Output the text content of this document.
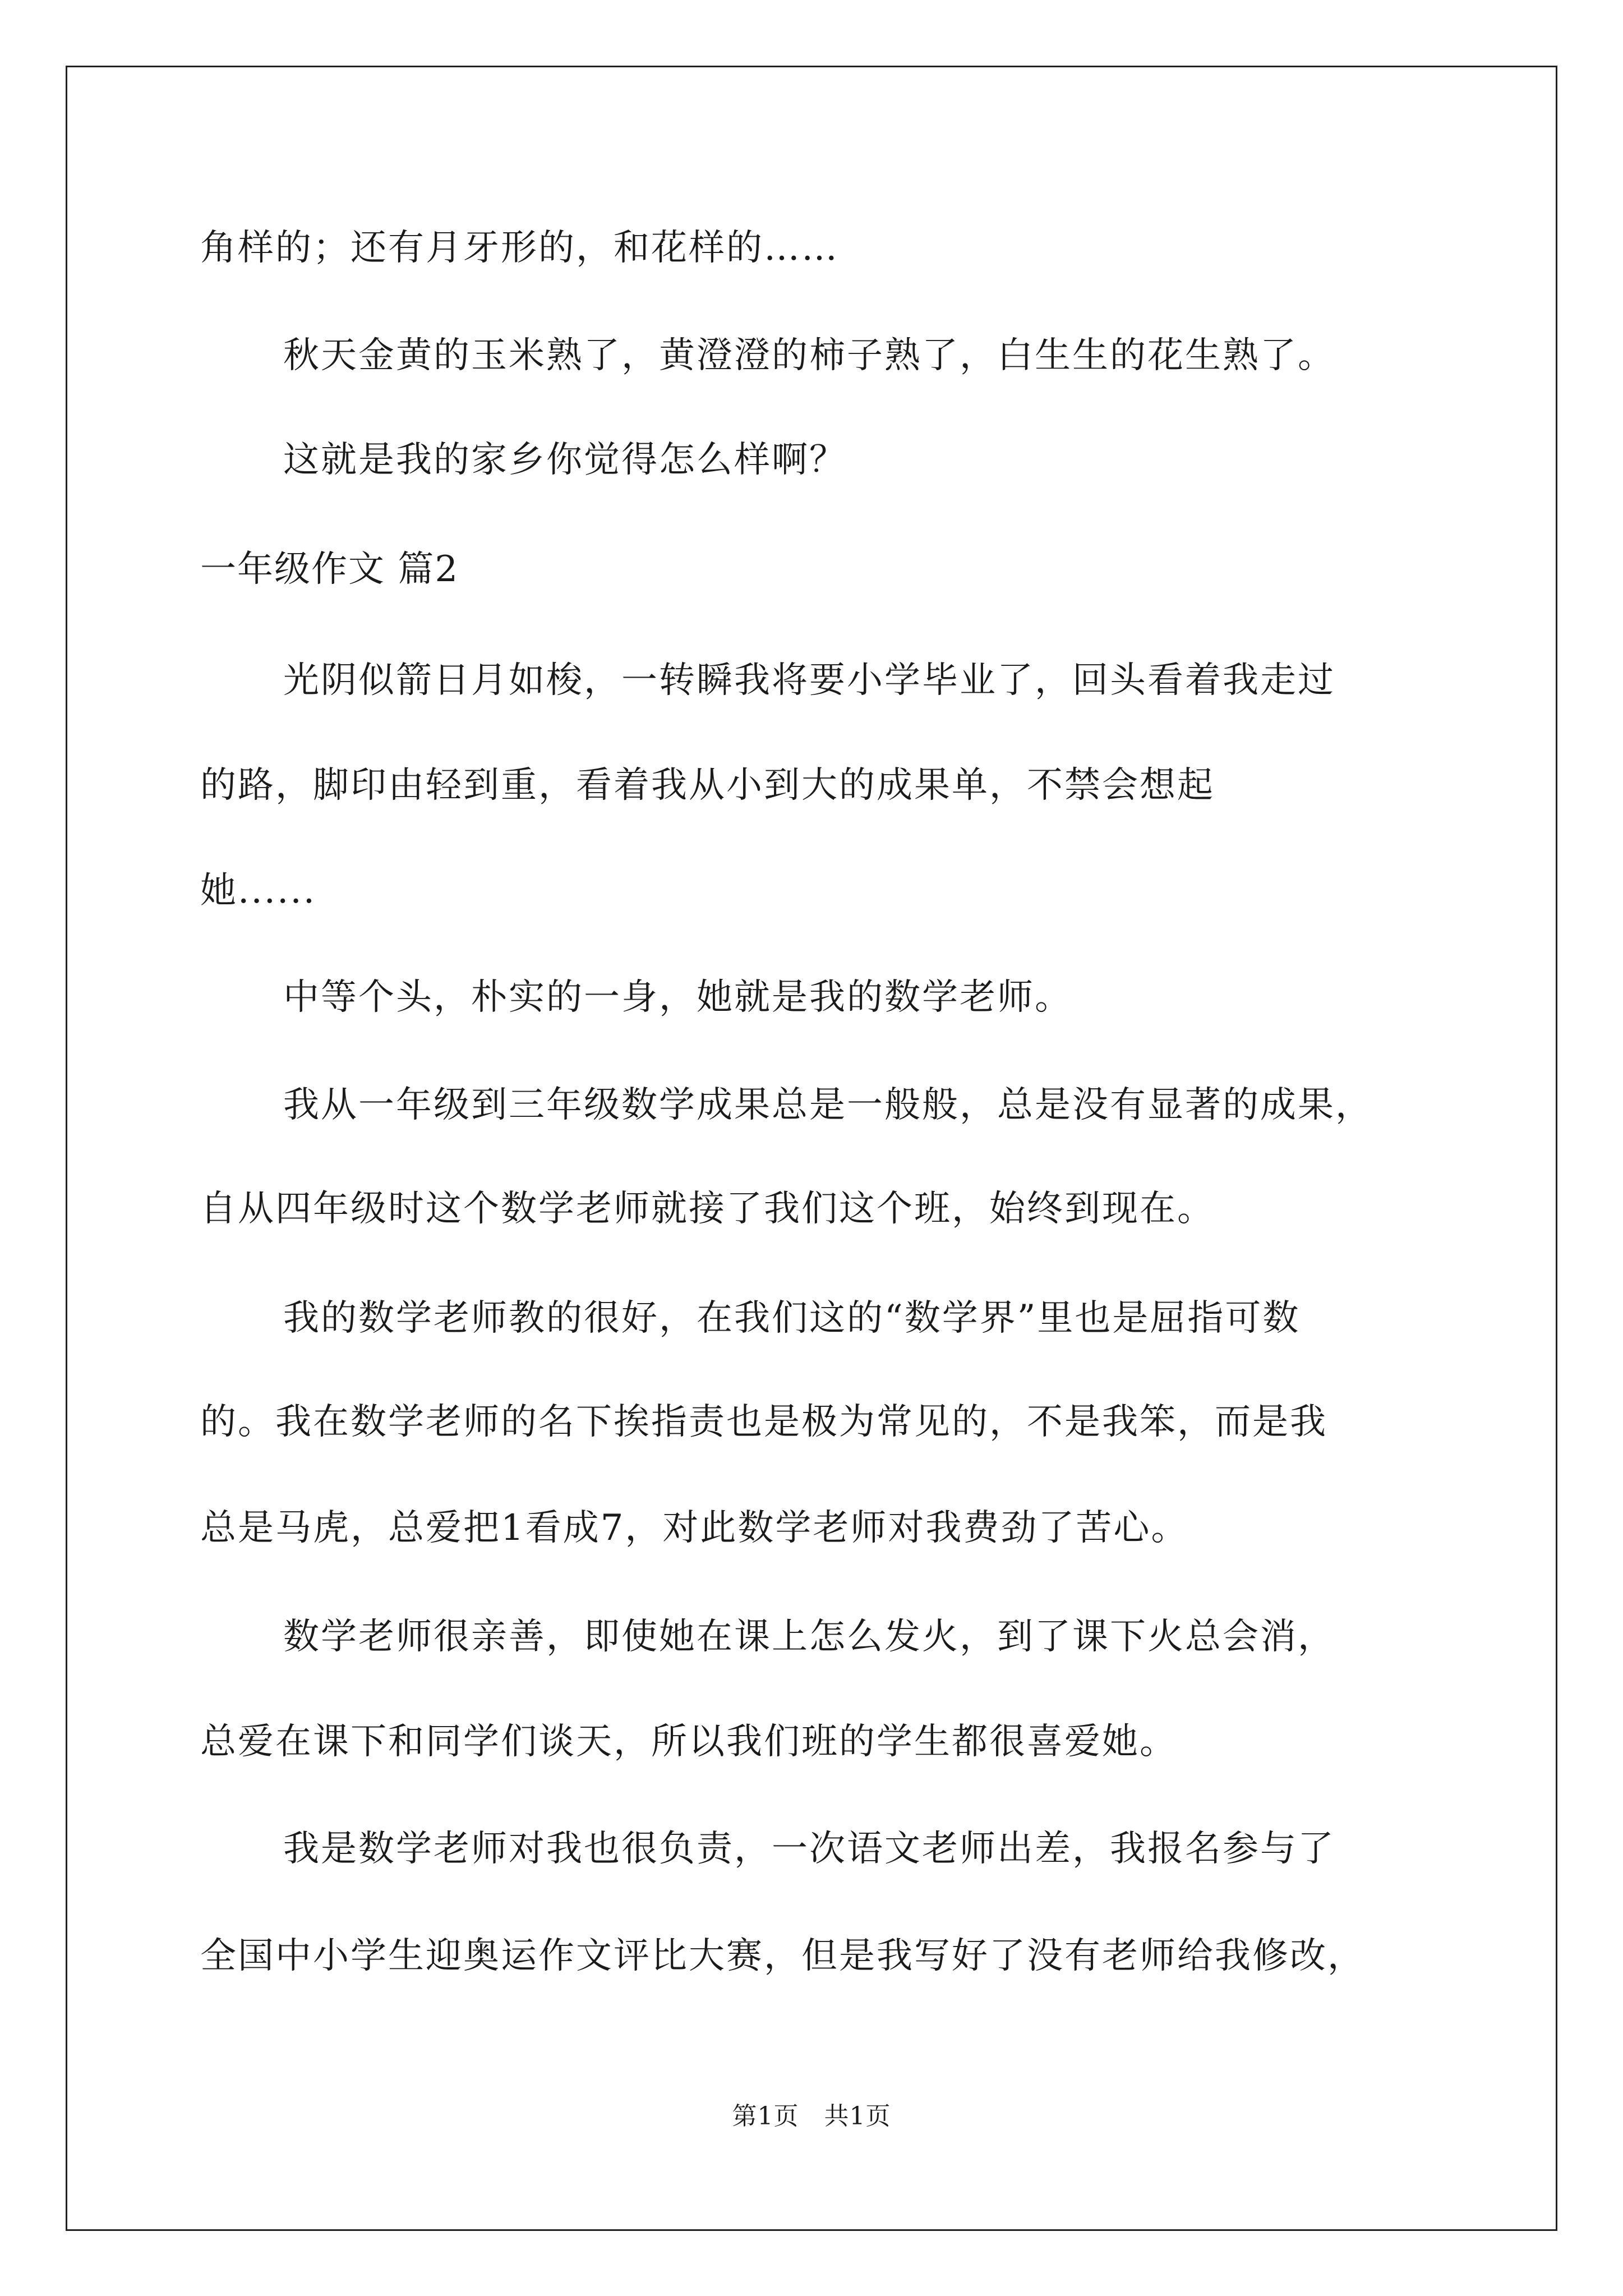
角样的；还有月牙形的，和花样的……
秋天金黄的玉米熟了，黄澄澄的柿子熟了，白生生的花生熟了。
这就是我的家乡你觉得怎么样啊？
一年级作文 篇2
光阴似箭日月如梭，一转瞬我将要小学毕业了，回头看着我走过
的路，脚印由轻到重，看着我从小到大的成果单，不禁会想起
她......
中等个头，朴实的一身，她就是我的数学老师。
我从一年级到三年级数学成果总是一般般，总是没有显著的成果，
自从四年级时这个数学老师就接了我们这个班，始终到现在。
我的数学老师教的很好，在我们这的“数学界”里也是屈指可数
的。我在数学老师的名下挨指责也是极为常见的，不是我笨，而是我
总是马虎，总爱把1看成7，对此数学老师对我费劲了苦心。
数学老师很亲善，即使她在课上怎么发火，到了课下火总会消，
总爱在课下和同学们谈天，所以我们班的学生都很喜爱她。
我是数学老师对我也很负责，一次语文老师出差，我报名参与了
全国中小学生迎奥运作文评比大赛，但是我写好了没有老师给我修改，
第1页　共1页
